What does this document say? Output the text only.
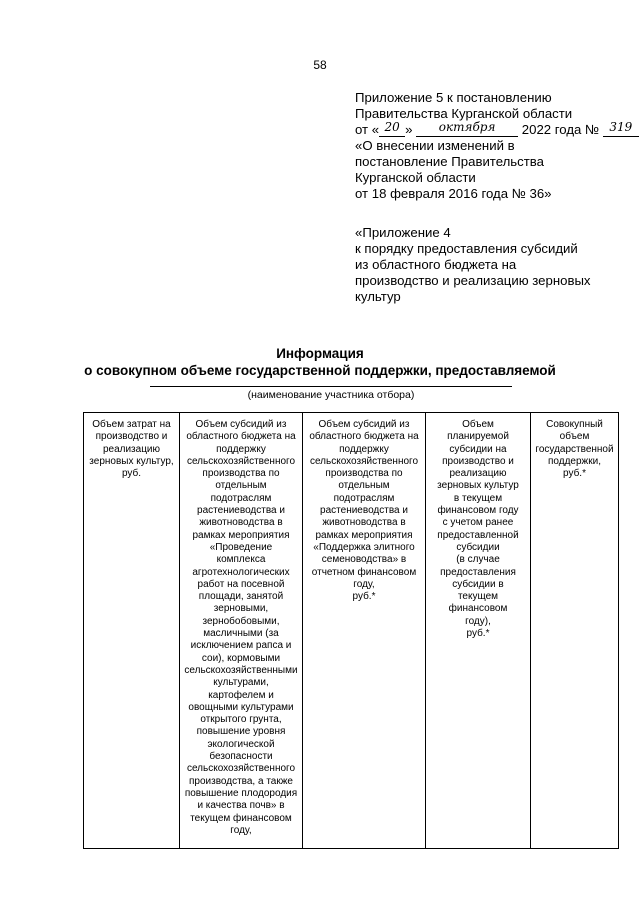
58
Приложение 5 к постановлению
Правительства Курганской области
от « 20 » октября 2022 года № 319
«О внесении изменений в
постановление Правительства
Курганской области
от 18 февраля 2016 года № 36»
«Приложение 4
к порядку предоставления субсидий
из областного бюджета на
производство и реализацию зерновых
культур
Информация
о совокупном объеме государственной поддержки, предоставляемой
(наименование участника отбора)
Объем затрат на
производство и
реализацию
зерновых культур,
руб.	Объем субсидий из
областного бюджета на
поддержку
сельскохозяйственного
производства по
отдельным
подотраслям
растениеводства и
животноводства в
рамках мероприятия
«Проведение
комплекса
агротехнологических
работ на посевной
площади, занятой
зерновыми,
зернобобовыми,
масличными (за
исключением рапса и
сои), кормовыми
сельскохозяйственными
культурами,
картофелем и
овощными культурами
открытого грунта,
повышение уровня
экологической
безопасности
сельскохозяйственного
производства, а также
повышение плодородия
и качества почв» в
текущем финансовом
году,	Объем субсидий из
областного бюджета на
поддержку
сельскохозяйственного
производства по
отдельным
подотраслям
растениеводства и
животноводства в
рамках мероприятия
«Поддержка элитного
семеноводства» в
отчетном финансовом
году,
руб.*	Объем
планируемой
субсидии на
производство и
реализацию
зерновых культур
в текущем
финансовом году
с учетом ранее
предоставленной
субсидии
(в случае
предоставления
субсидии в
текущем
финансовом
году),
руб.*	Совокупный
объем
государственной
поддержки,
руб.*
